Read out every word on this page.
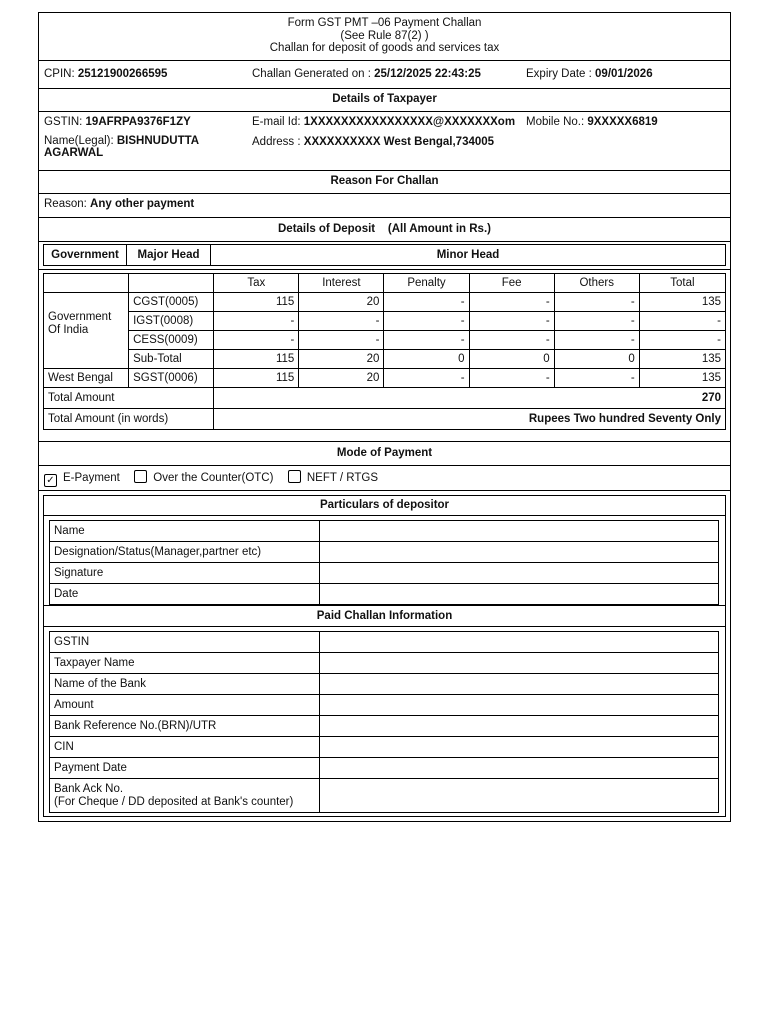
Form GST PMT –06 Payment Challan
(See Rule 87(2) )
Challan for deposit of goods and services tax
CPIN: 25121900266595	Challan Generated on : 25/12/2025 22:43:25	Expiry Date : 09/01/2026
Details of Taxpayer
GSTIN: 19AFRPA9376F1ZY	E-mail Id: 1XXXXXXXXXXXXXXXX@XXXXXXXom Mobile No.: 9XXXXX6819
Name(Legal): BISHNUDUTTA
AGARWAL
Address : XXXXXXXXXX West Bengal,734005
Reason For Challan
Reason: Any other payment
Details of Deposit    (All Amount in Rs.)
Government	Major Head	Minor Head
		Tax	Interest	Penalty	Fee	Others	Total
Government Of India	CGST(0005)	115	20	-	-	-	135
	IGST(0008)	-	-	-	-	-	-
	CESS(0009)	-	-	-	-	-	-
	Sub-Total	115	20	0	0	0	135
West Bengal	SGST(0006)	115	20	-	-	-	135
Total Amount		270					
Total Amount (in words)		Rupees Two hundred Seventy Only					
Mode of Payment
✓ E-Payment	Over the Counter(OTC)	NEFT / RTGS
Particulars of depositor
Name	
Designation/Status(Manager,partner etc)	
Signature	
Date	
Paid Challan Information
GSTIN	
Taxpayer Name	
Name of the Bank	
Amount	
Bank Reference No.(BRN)/UTR	
CIN	
Payment Date	

Bank Ack No.
(For Cheque / DD deposited at Bank's counter)	
